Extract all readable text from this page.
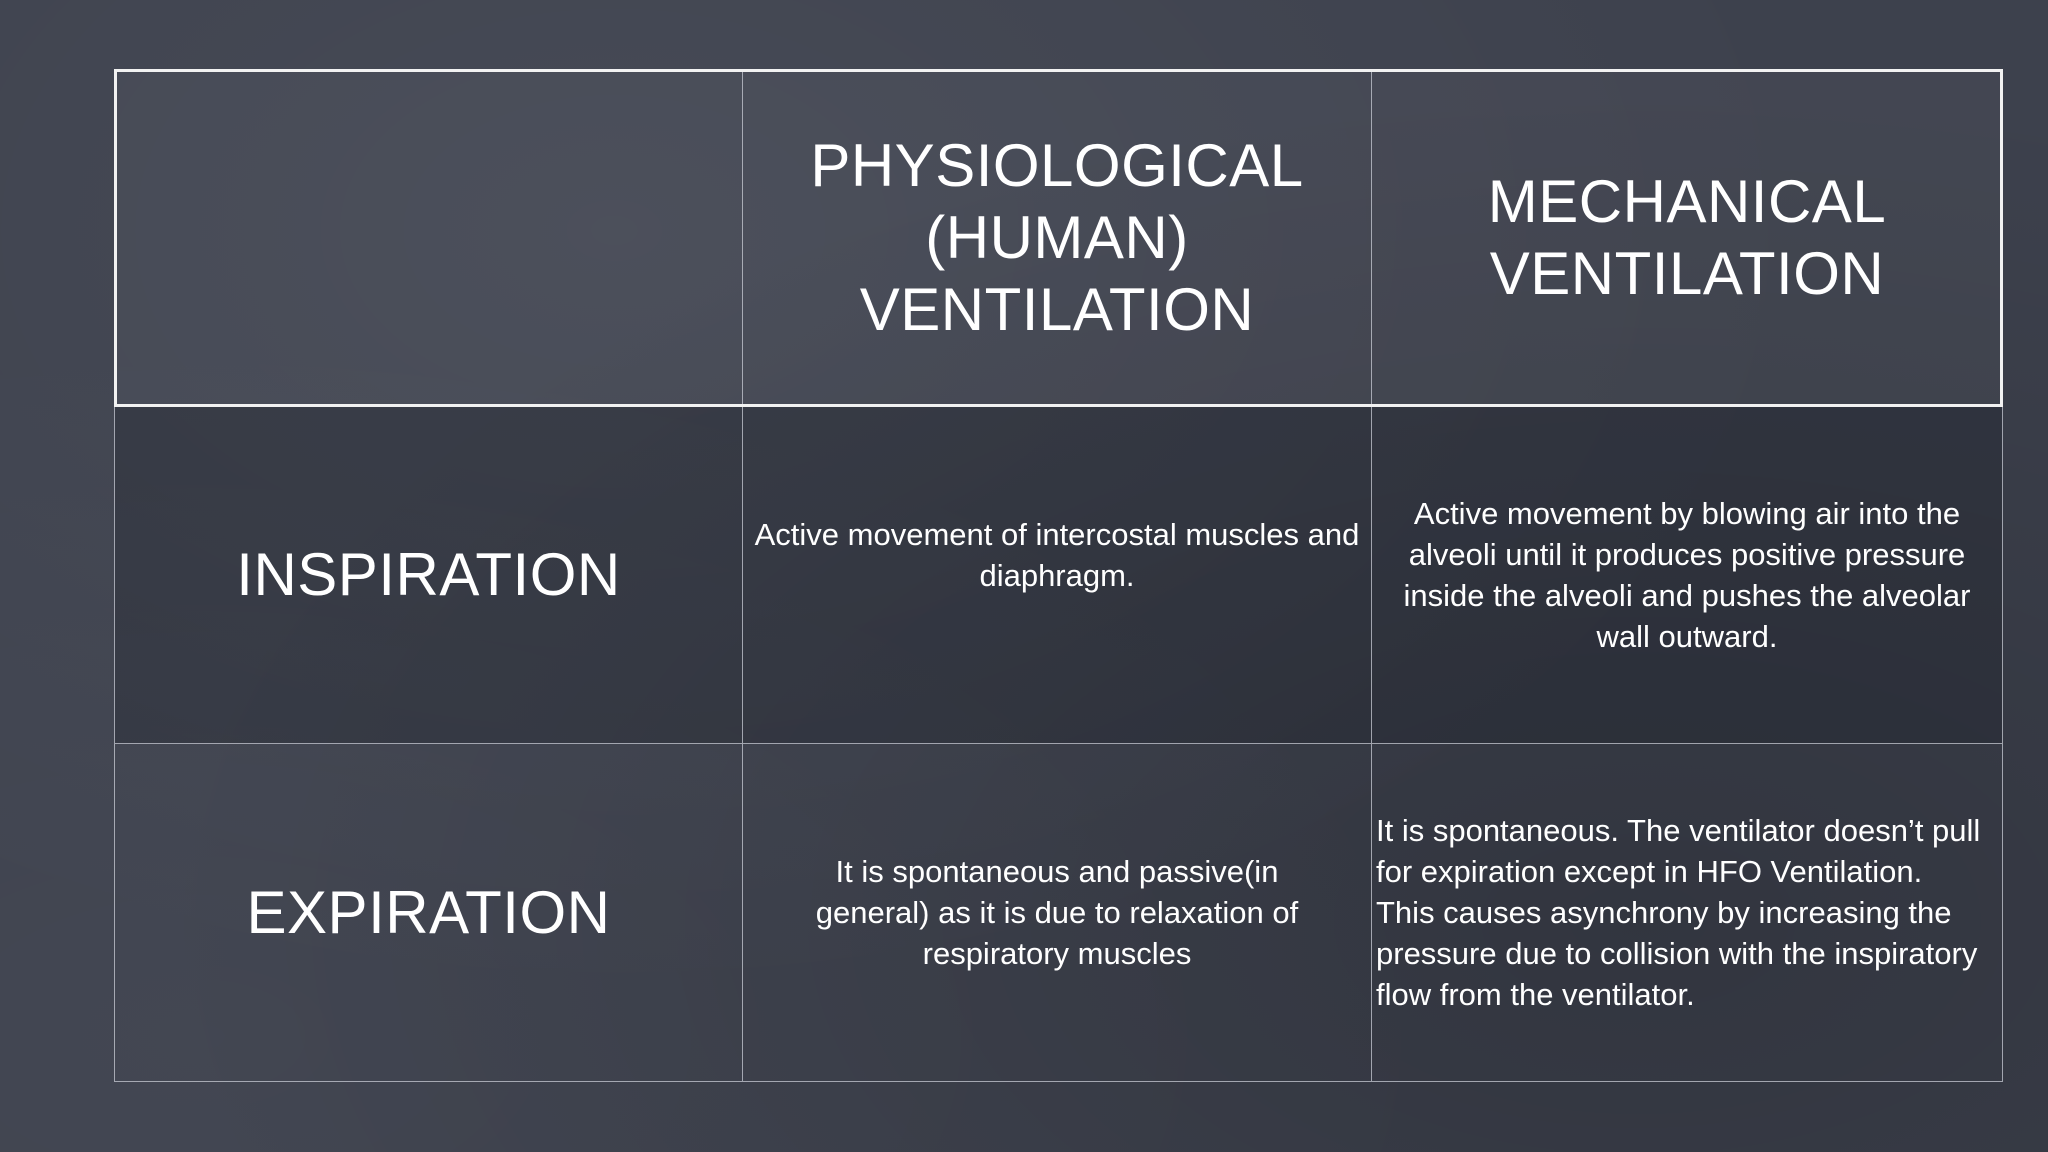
PHYSIOLOGICAL (HUMAN) VENTILATION
MECHANICAL VENTILATION
INSPIRATION
Active movement of intercostal muscles and diaphragm.
Active movement by blowing air into the alveoli until it produces positive pressure inside the alveoli and pushes the alveolar wall outward.
EXPIRATION
It is spontaneous and passive(in general) as it is due to relaxation of respiratory muscles
It is spontaneous. The ventilator doesn’t pull for expiration except in HFO Ventilation. This causes asynchrony by increasing the pressure due to collision with the inspiratory flow from the ventilator.
